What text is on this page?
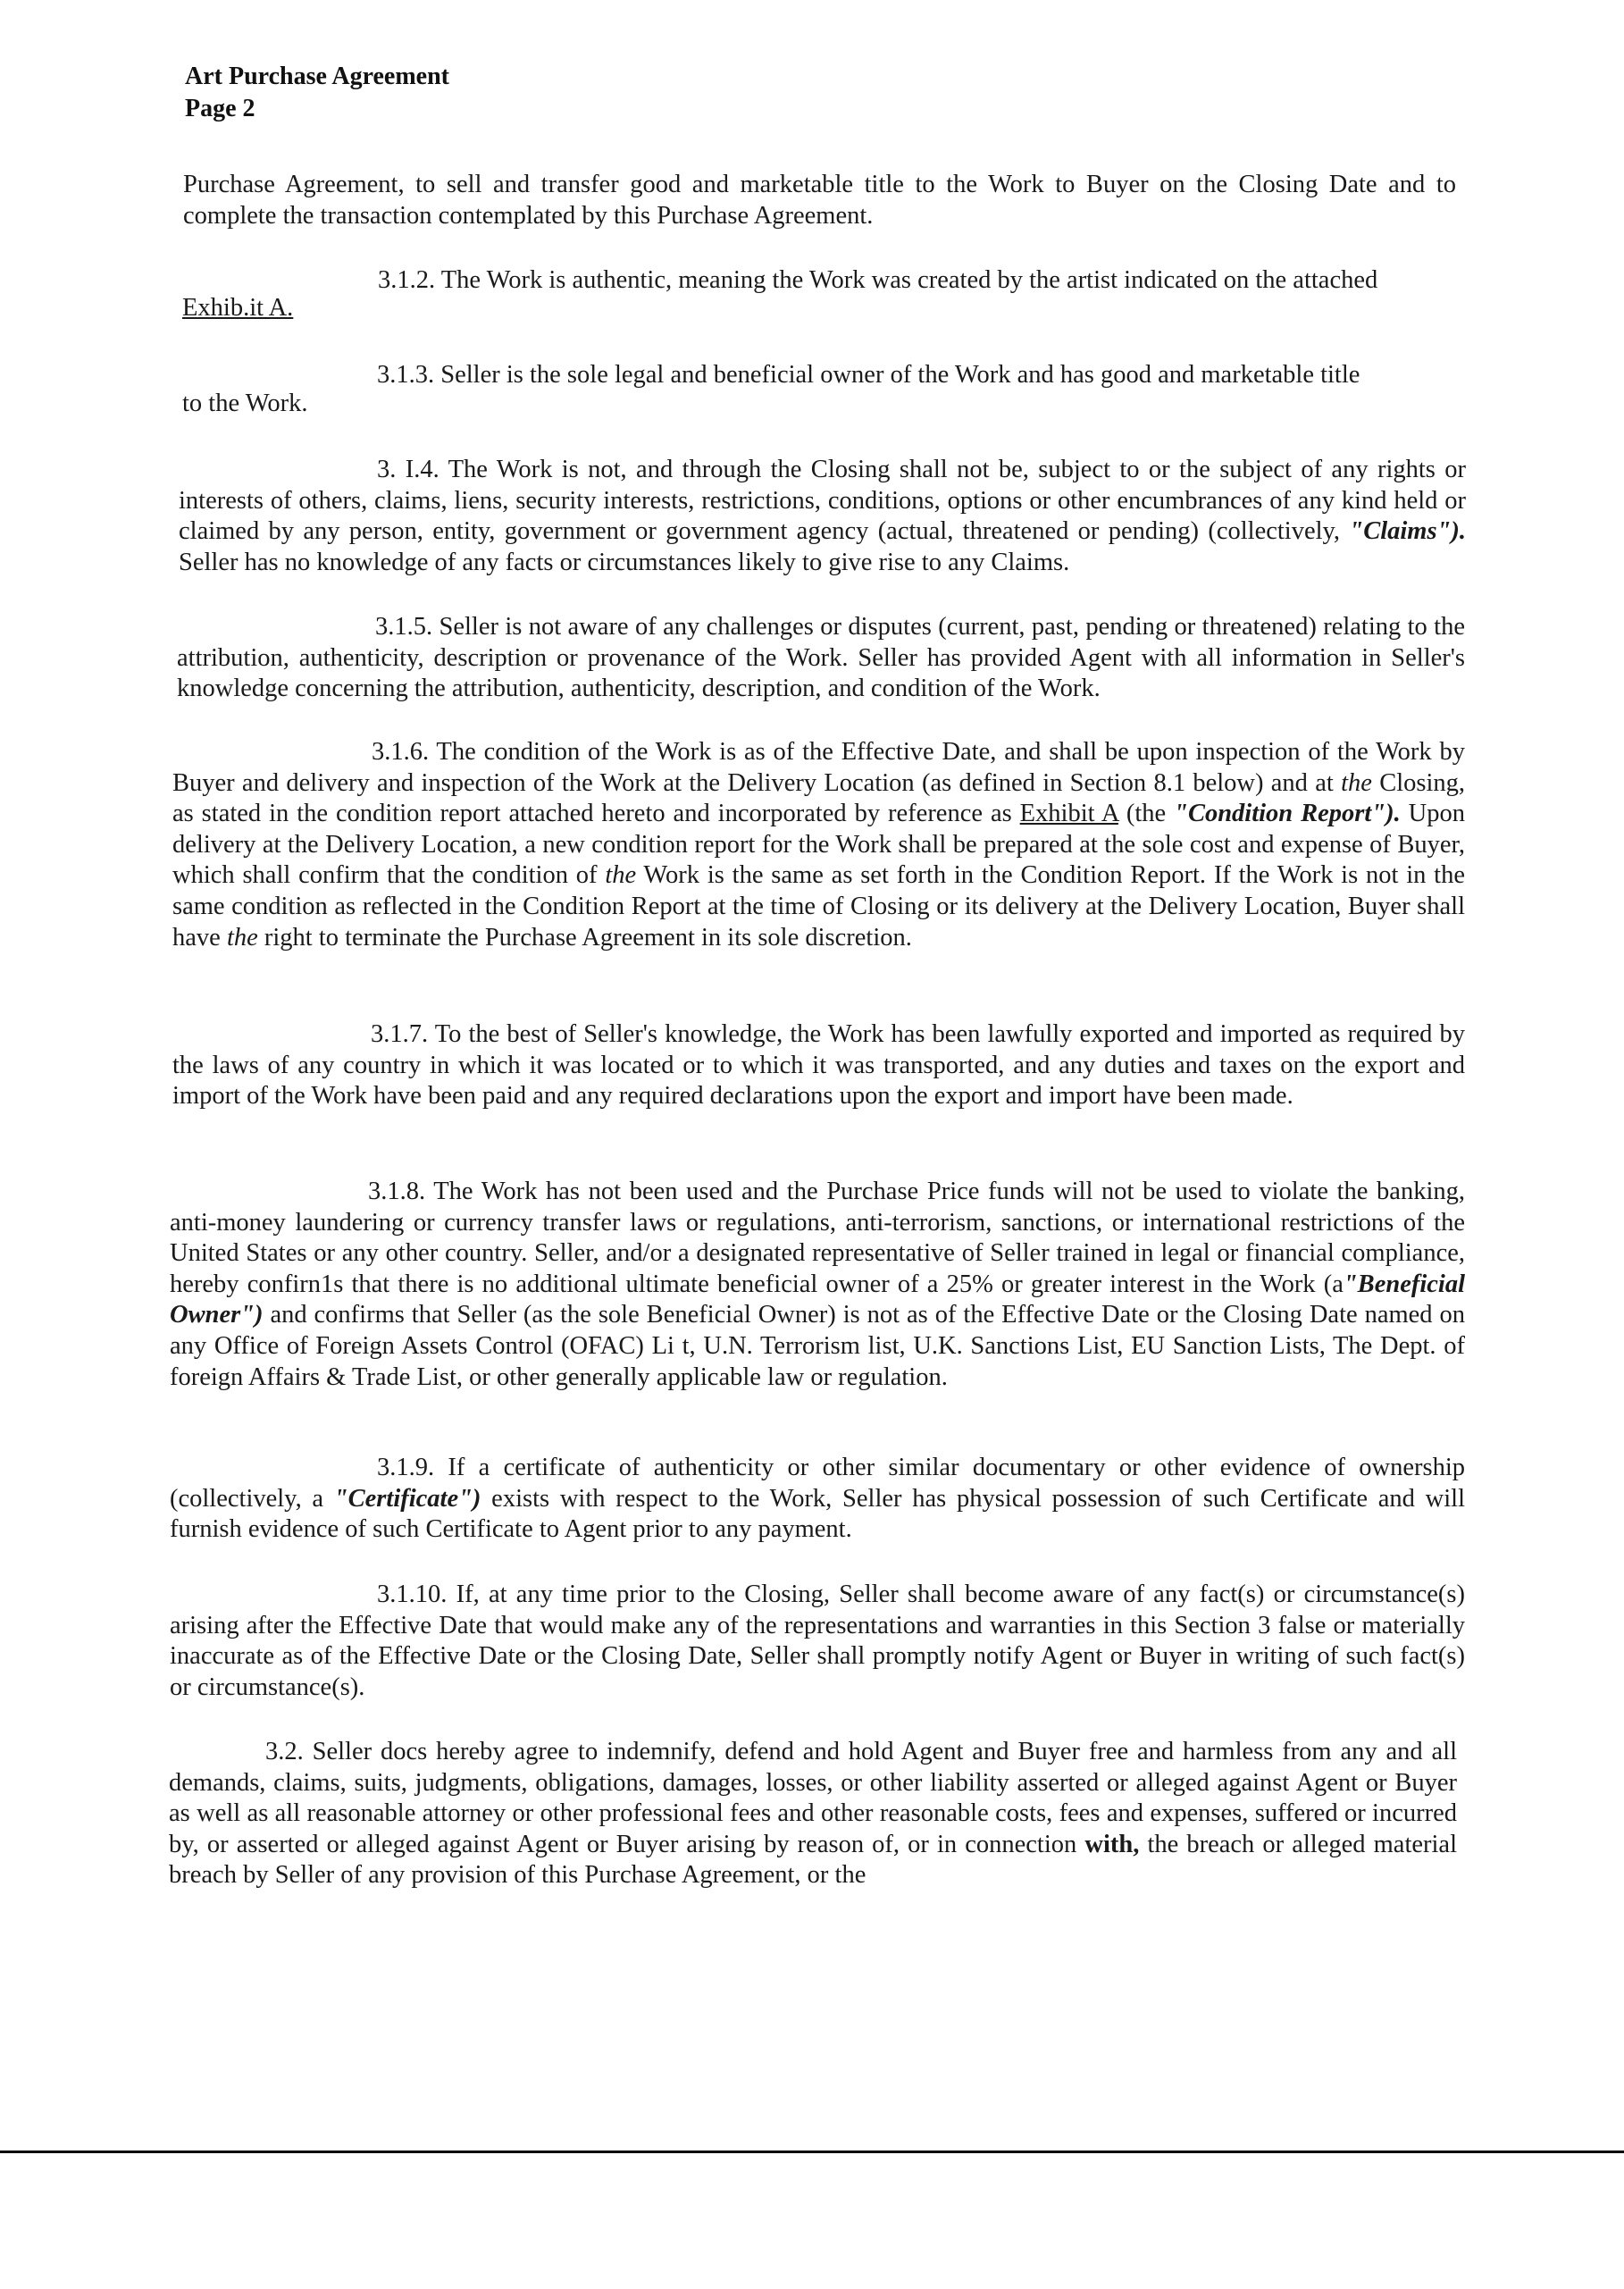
Art Purchase Agreement
Page 2

Purchase Agreement, to sell and transfer good and marketable title to the Work to Buyer on the Closing Date and to complete the transaction contemplated by this Purchase Agreement.

3.1.2. The Work is authentic, meaning the Work was created by the artist indicated on the attached
Exhib.it A.
3.1.3. Seller is the sole legal and beneficial owner of the Work and has good and marketable title
to the Work.

3. I.4. The Work is not, and through the Closing shall not be, subject to or the subject of any rights or interests of others, claims, liens, security interests, restrictions, conditions, options or other encumbrances of any kind held or claimed by any person, entity, government or government agency (actual, threatened or pending) (collectively, "Claims"). Seller has no knowledge of any facts or circumstances likely to give rise to any Claims.

3.1.5. Seller is not aware of any challenges or disputes (current, past, pending or threatened) relating to the attribution, authenticity, description or provenance of the Work. Seller has provided Agent with all information in Seller's knowledge concerning the attribution, authenticity, description, and condition of the Work.

3.1.6. The condition of the Work is as of the Effective Date, and shall be upon inspection of the Work by Buyer and delivery and inspection of the Work at the Delivery Location (as defined in Section 8.1 below) and at the Closing, as stated in the condition report attached hereto and incorporated by reference as Exhibit A (the "Condition Report"). Upon delivery at the Delivery Location, a new condition report for the Work shall be prepared at the sole cost and expense of Buyer, which shall confirm that the condition of the Work is the same as set forth in the Condition Report. If the Work is not in the same condition as reflected in the Condition Report at the time of Closing or its delivery at the Delivery Location, Buyer shall have the right to terminate the Purchase Agreement in its sole discretion.

3.1.7. To the best of Seller's knowledge, the Work has been lawfully exported and imported as required by the laws of any country in which it was located or to which it was transported, and any duties and taxes on the export and import of the Work have been paid and any required declarations upon the export and import have been made.

3.1.8. The Work has not been used and the Purchase Price funds will not be used to violate the banking, anti-money laundering or currency transfer laws or regulations, anti-terrorism, sanctions, or international restrictions of the United States or any other country. Seller, and/or a designated representative of Seller trained in legal or financial compliance, hereby confirn1s that there is no additional ultimate beneficial owner of a 25% or greater interest in the Work (a"Beneficial Owner") and confirms that Seller (as the sole Beneficial Owner) is not as of the Effective Date or the Closing Date named on any Office of Foreign Assets Control (OFAC) Li t, U.N. Terrorism list, U.K. Sanctions List, EU Sanction Lists, The Dept. of foreign Affairs & Trade List, or other generally applicable law or regulation.

3.1.9. If a certificate of authenticity or other similar documentary or other evidence of ownership (collectively, a "Certificate") exists with respect to the Work, Seller has physical possession of such Certificate and will furnish evidence of such Certificate to Agent prior to any payment.

3.1.10. If, at any time prior to the Closing, Seller shall become aware of any fact(s) or circumstance(s) arising after the Effective Date that would make any of the representations and warranties in this Section 3 false or materially inaccurate as of the Effective Date or the Closing Date, Seller shall promptly notify Agent or Buyer in writing of such fact(s) or circumstance(s).

3.2. Seller docs hereby agree to indemnify, defend and hold Agent and Buyer free and harmless from any and all demands, claims, suits, judgments, obligations, damages, losses, or other liability asserted or alleged against Agent or Buyer as well as all reasonable attorney or other professional fees and other reasonable costs, fees and expenses, suffered or incurred by, or asserted or alleged against Agent or Buyer arising by reason of, or in connection with, the breach or alleged material breach by Seller of any provision of this Purchase Agreement, or the
